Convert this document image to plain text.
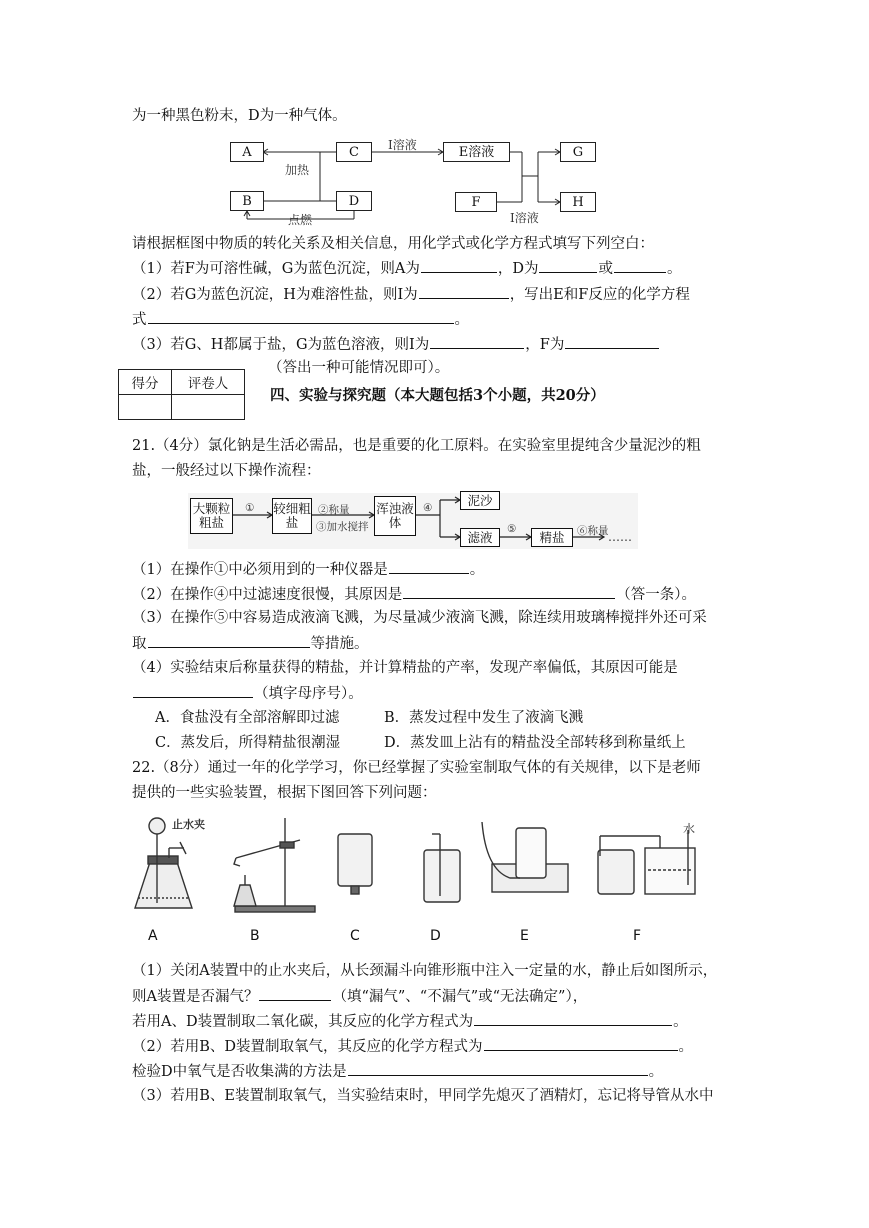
为一种黑色粉末，D为一种气体。
A
B
C
D
E溶液
F
G
H
加热
点燃
I溶液
I溶液
请根据框图中物质的转化关系及相关信息，用化学式或化学方程式填写下列空白：
（1）若F为可溶性碱，G为蓝色沉淀，则A为	，D为	或	。
（2）若G为蓝色沉淀，H为难溶性盐，则I为	，写出E和F反应的化学方程
式	。
（3）若G、H都属于盐，G为蓝色溶液，则I为	，F为
（答出一种可能情况即可）。
得分	评卷人

四、实验与探究题（本大题包括3个小题，共20分）
21.（4分）氯化钠是生活必需品，也是重要的化工原料。在实验室里提纯含少量泥沙的粗
盐，一般经过以下操作流程：
大颗粒粗盐
较细粗盐
浑浊液体
泥沙
滤液	精盐
①	②称量
③加水搅拌
④
⑤	⑥称量 ……
（1）在操作①中必须用到的一种仪器是	。
（2）在操作④中过滤速度很慢，其原因是	（答一条）。
（3）在操作⑤中容易造成液滴飞溅，为尽量减少液滴飞溅，除连续用玻璃棒搅拌外还可采
取	等措施。
（4）实验结束后称量获得的精盐，并计算精盐的产率，发现产率偏低，其原因可能是
（填字母序号）。
A．食盐没有全部溶解即过滤	B．蒸发过程中发生了液滴飞溅
C．蒸发后，所得精盐很潮湿	D．蒸发皿上沾有的精盐没全部转移到称量纸上
22.（8分）通过一年的化学学习，你已经掌握了实验室制取气体的有关规律，以下是老师
提供的一些实验装置，根据下图回答下列问题：
止水夹	水
A	B	C	D	E	F
（1）关闭A装置中的止水夹后，从长颈漏斗向锥形瓶中注入一定量的水，静止后如图所示，
则A装置是否漏气？	（填“漏气”、“不漏气”或“无法确定”），
若用A、D装置制取二氧化碳，其反应的化学方程式为	。
（2）若用B、D装置制取氧气，其反应的化学方程式为	。
检验D中氧气是否收集满的方法是	。
（3）若用B、E装置制取氧气，当实验结束时，甲同学先熄灭了酒精灯，忘记将导管从水中
